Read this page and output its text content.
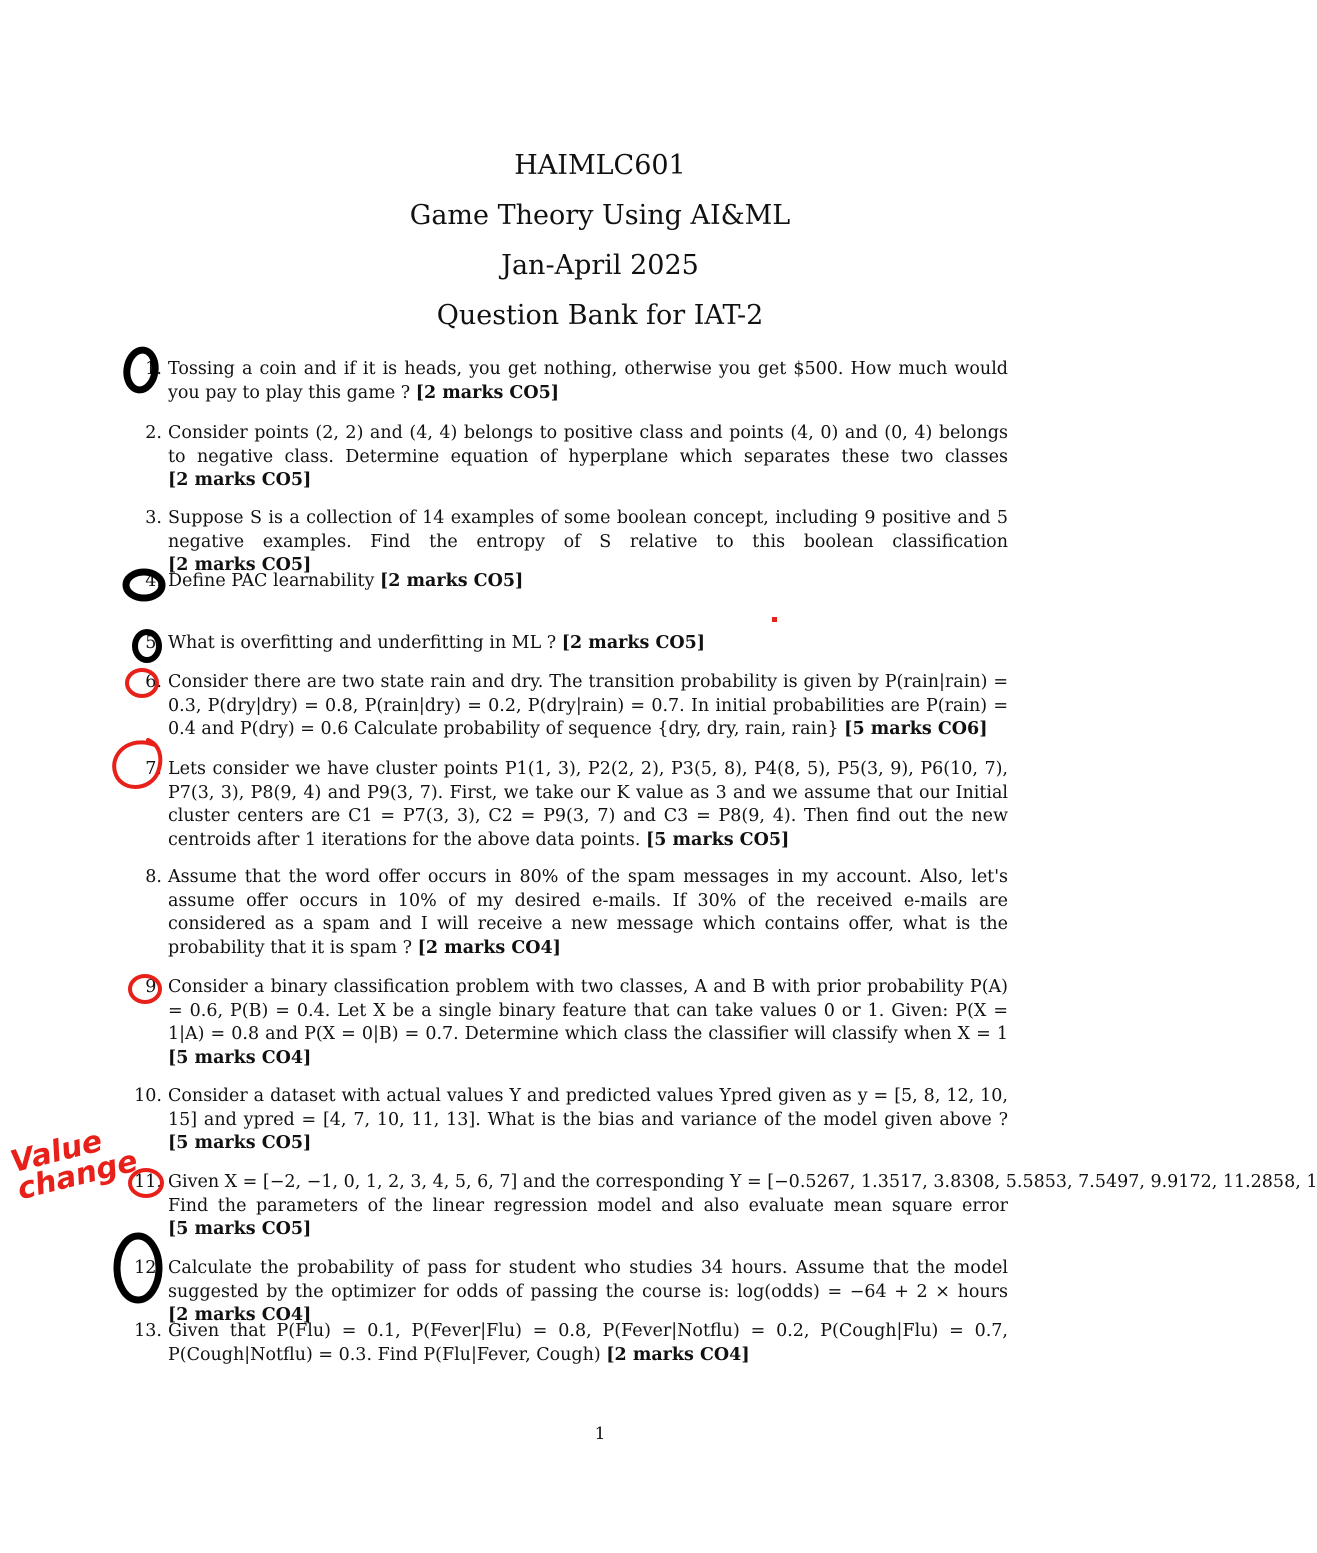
HAIMLC601
Game Theory Using AI&ML
Jan-April 2025
Question Bank for IAT-2
1. Tossing a coin and if it is heads, you get nothing, otherwise you get $500. How much would you pay to play this game ? [2 marks CO5]
2. Consider points (2, 2) and (4, 4) belongs to positive class and points (4, 0) and (0, 4) belongs to negative class. Determine equation of hyperplane which separates these two classes [2 marks CO5]
3. Suppose S is a collection of 14 examples of some boolean concept, including 9 positive and 5 negative examples. Find the entropy of S relative to this boolean classification [2 marks CO5]
4. Define PAC learnability [2 marks CO5]
5. What is overfitting and underfitting in ML ? [2 marks CO5]
6. Consider there are two state rain and dry. The transition probability is given by P(rain|rain) = 0.3, P(dry|dry) = 0.8, P(rain|dry) = 0.2, P(dry|rain) = 0.7. In initial probabilities are P(rain) = 0.4 and P(dry) = 0.6 Calculate probability of sequence {dry, dry, rain, rain} [5 marks CO6]
7. Lets consider we have cluster points P1(1, 3), P2(2, 2), P3(5, 8), P4(8, 5), P5(3, 9), P6(10, 7), P7(3, 3), P8(9, 4) and P9(3, 7). First, we take our K value as 3 and we assume that our Initial cluster centers are C1 = P7(3, 3), C2 = P9(3, 7) and C3 = P8(9, 4). Then find out the new centroids after 1 iterations for the above data points. [5 marks CO5]
8. Assume that the word offer occurs in 80% of the spam messages in my account. Also, let's assume offer occurs in 10% of my desired e-mails. If 30% of the received e-mails are considered as a spam and I will receive a new message which contains offer, what is the probability that it is spam ? [2 marks CO4]
9. Consider a binary classification problem with two classes, A and B with prior probability P(A) = 0.6, P(B) = 0.4. Let X be a single binary feature that can take values 0 or 1. Given: P(X = 1|A) = 0.8 and P(X = 0|B) = 0.7. Determine which class the classifier will classify when X = 1 [5 marks CO4]
10. Consider a dataset with actual values Y and predicted values Ypred given as y = [5, 8, 12, 10, 15] and ypred = [4, 7, 10, 11, 13]. What is the bias and variance of the model given above ? [5 marks CO5]
11. Given X = [−2, −1, 0, 1, 2, 3, 4, 5, 6, 7] and the corresponding Y = [−0.5267, 1.3517, 3.8308, 5.5853, 7.5497, 9.9172, 11.2858, 1
Find the parameters of the linear regression model and also evaluate mean square error [5 marks CO5]
12. Calculate the probability of pass for student who studies 34 hours. Assume that the model suggested by the optimizer for odds of passing the course is: log(odds) = −64 + 2 × hours [2 marks CO4]
13. Given that P(Flu) = 0.1, P(Fever|Flu) = 0.8, P(Fever|Notflu) = 0.2, P(Cough|Flu) = 0.7, P(Cough|Notflu) = 0.3. Find P(Flu|Fever, Cough) [2 marks CO4]
1
Value change
